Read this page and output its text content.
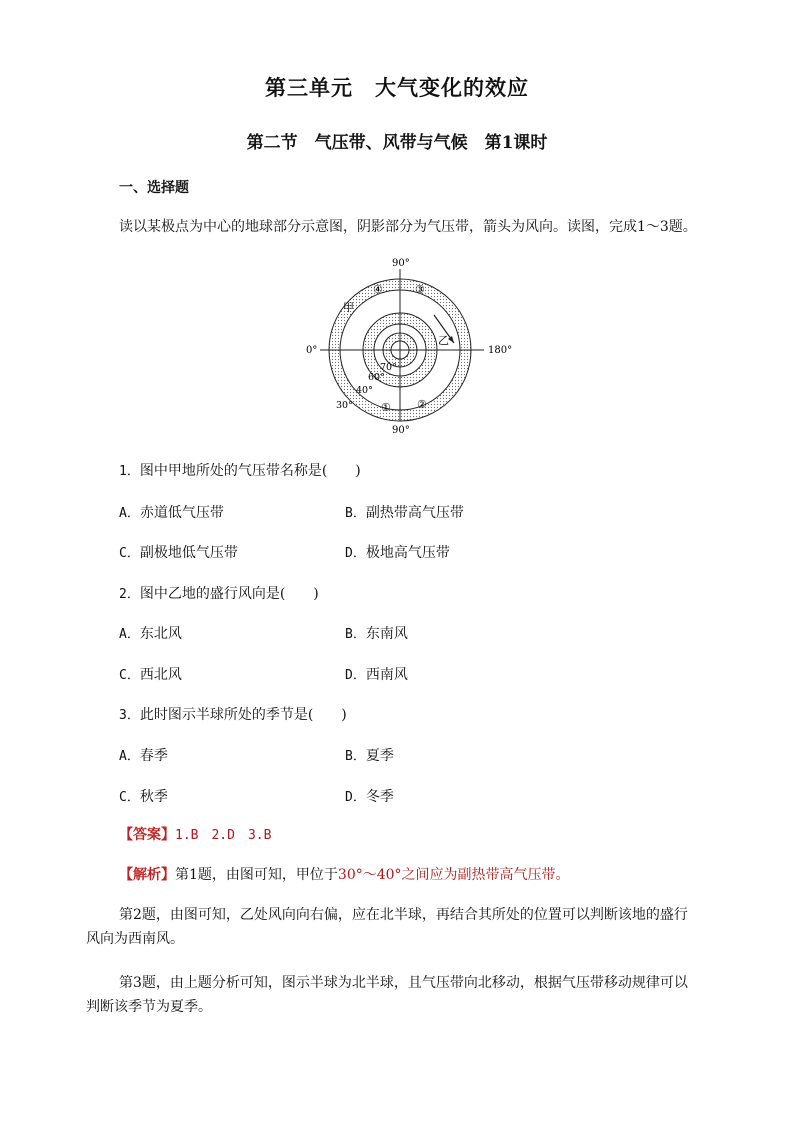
第三单元　大气变化的效应
第二节　气压带、风带与气候　第1课时
一、选择题
读以某极点为中心的地球部分示意图，阴影部分为气压带，箭头为风向。读图，完成1～3题。
90°
90°
0°	180°
70°
60°
40°
30°
④	③
① ②
甲
乙
1．图中甲地所处的气压带名称是(　　)
A．赤道低气压带	B．副热带高气压带
C．副极地低气压带	D．极地高气压带
2．图中乙地的盛行风向是(　　)
A．东北风	B．东南风
C．西北风	D．西南风
3．此时图示半球所处的季节是(　　)
A．春季	B．夏季
C．秋季	D．冬季
【答案】1.B　2.D　3.B
【解析】第1题，由图可知，甲位于30°～40°之间应为副热带高气压带。
第2题，由图可知，乙处风向向右偏，应在北半球，再结合其所处的位置可以判断该地的盛行
风向为西南风。
第3题，由上题分析可知，图示半球为北半球，且气压带向北移动，根据气压带移动规律可以
判断该季节为夏季。
